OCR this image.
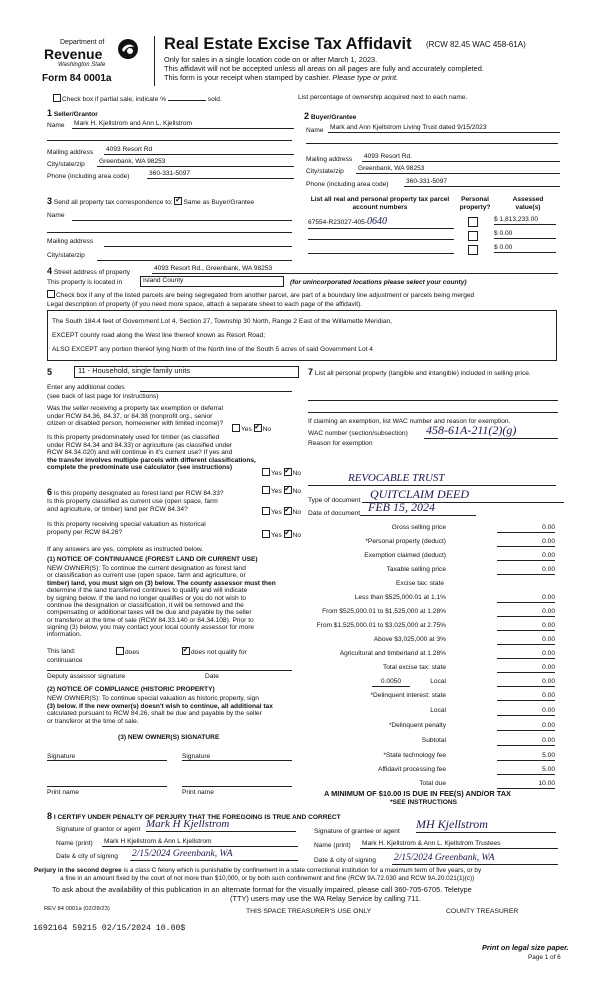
Department of
Revenue
Washington State
Form 84 0001a
Real Estate Excise Tax Affidavit (RCW 82.45 WAC 458-61A)
Only for sales in a single location code on or after March 1, 2023.
This affidavit will not be accepted unless all areas on all pages are fully and accurately completed.
This form is your receipt when stamped by cashier. Please type or print.
Check box if partial sale, indicate %	sold.	List percentage of ownership acquired next to each name.
1 Seller/Grantor
Name	Mark H. Kjellstrom and Ann L. Kjellstrom
Mailing address	4093 Resort Rd
City/state/zip	Greenbank, WA 98253
Phone (including area code)	360-331-5097
2 Buyer/Grantee
Name Mark and Ann Kjellstrom Living Trust dated 9/15/2023
Mailing address	4093 Resort Rd.
City/state/zip	Greenbank, WA 98253
Phone (including area code)	360-331-5097
3 Send all property tax correspondence to: ✓ Same as Buyer/Grantee
Name
Mailing address
City/state/zip
List all real and personal property tax parcel account numbers
Personal property?
Assessed value(s)
67554-R23027-405-0640	$ 1,813,233.00
$ 0.00
$ 0.00
4 Street address of property
4093 Resort Rd., Greenbank, WA 98253
This property is located in	Island County	(for unincorporated locations please select your county)
Check box if any of the listed parcels are being segregated from another parcel, are part of a boundary line adjustment or parcels being merged
Legal description of property (if you need more space, attach a separate sheet to each page of the affidavit).
The South 184.4 feet of Government Lot 4, Section 27, Township 30 North, Range 2 East of the Willamette Meridian,
EXCEPT county road along the West line thereof known as Resort Road;
ALSO EXCEPT any portion thereof lying North of the North line of the South 5 acres of said Government Lot 4
5	11 - Household, single family units
Enter any additional codes
(see back of last page for instructions)
Was the seller receiving a property tax exemption or deferral
under RCW 84.36, 84.37, or 84.38 (nonprofit org., senior
citizen or disabled person, homeowner with limited income)?
Yes ✓ No
Is this property predominately used for timber (as classified
under RCW 84.34 and 84.33) or agriculture (as classified under
RCW 84.34.020) and will continue in it's current use? If yes and
the transfer involves multiple parcels with different classifications,
complete the predominate use calculator (see instructions)
Yes ✓ No
6 Is this property designated as forest land per RCW 84.33?	Yes ✓ No
Is this property classified as current use (open space, farm
and agriculture, or timber) land per RCW 84.34?	Yes ✓ No
Is this property receiving special valuation as historical
property per RCW 84.26?	Yes ✓ No
If any answers are yes, complete as instructed below.
(1) NOTICE OF CONTINUANCE (FOREST LAND OR CURRENT USE)
NEW OWNER(S): To continue the current designation as forest land
or classification as current use (open space, farm and agriculture, or
timber) land, you must sign on (3) below. The county assessor must then
determine if the land transferred continues to qualify and will indicate
by signing below. If the land no longer qualifies or you do not wish to
continue the designation or classification, it will be removed and the
compensating or additional taxes will be due and payable by the seller
or transferor at the time of sale (RCW 84.33.140 or 84.34.108). Prior to
signing (3) below, you may contact your local county assessor for more
information.
This land:
continuance
does ✓	does not qualify for
Deputy assessor signature	Date
(2) NOTICE OF COMPLIANCE (HISTORIC PROPERTY)
NEW OWNER(S): To continue special valuation as historic property, sign
(3) below. If the new owner(s) doesn't wish to continue, all additional tax
calculated pursuant to RCW 84.26, shall be due and payable by the seller
or transferor at the time of sale.
(3) NEW OWNER(S) SIGNATURE
Signature	Signature
Print name	Print name
7 List all personal property (tangible and intangible) included in selling price.
If claiming an exemption, list WAC number and reason for exemption.
WAC number (section/subsection) 458-61A-211(2)(g)
Reason for exemption
REVOCABLE TRUST
Type of document QUITCLAIM DEED
Date of document FEB 15, 2024
Gross selling price	0.00
*Personal property (deduct)	0.00
Exemption claimed (deduct)	0.00
Taxable selling price	0.00
Excise tax: state
Less than $525,000.01 at 1.1%	0.00
From $525,000.01 to $1,525,000 at 1.28%	0.00
From $1,525,000.01 to $3,025,000 at 2.75%	0.00
Above $3,025,000 at 3%	0.00
Agricultural and timberland at 1.28%	0.00
Total excise tax: state	0.00
0.0050	Local	0.00
*Delinquent interest: state	0.00
Local	0.00
*Delinquent penalty	0.00
Subtotal	0.00
*State technology fee	5.00
Affidavit processing fee	5.00
Total due	10.00
A MINIMUM OF $10.00 IS DUE IN FEE(S) AND/OR TAX
*SEE INSTRUCTIONS
8 I CERTIFY UNDER PENALTY OF PERJURY THAT THE FOREGOING IS TRUE AND CORRECT
Signature of grantor or agent Mark H Kjellstrom
Signature of grantee or agent
MH Kjellstrom
Name (print)	Mark H Kjellstrom & Ann L Kjellstrom
Name (print)	Mark H. Kjellstrom & Ann L. Kjellstrom Trustees
Date & city of signing 2/15/2024 Greenbank, WA
Date & city of signing 2/15/2024 Greenbank, WA
Perjury in the second degree is a class C felony which is punishable by confinement in a state correctional institution for a maximum term of five years, or by
a fine in an amount fixed by the court of not more than $10,000, or by both such confinement and fine (RCW 9A.72.030 and RCW 9A.20.021(1)(c))
To ask about the availability of this publication in an alternate format for the visually impaired, please call 360-705-6705. Teletype
(TTY) users may use the WA Relay Service by calling 711.
REV 84 0001a (02/28/23)	THIS SPACE TREASURER'S USE ONLY	COUNTY TREASURER
1692164 59215 02/15/2024 10.00$
Print on legal size paper.
Page 1 of 6
